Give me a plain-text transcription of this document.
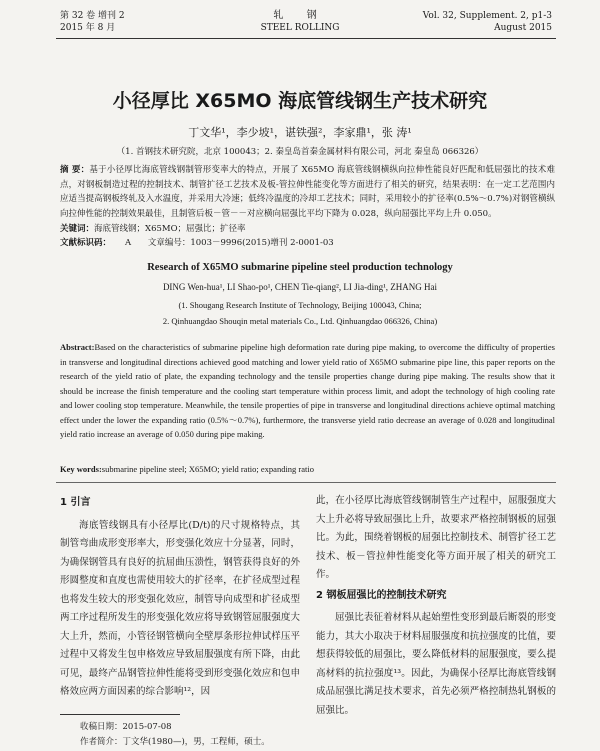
第 32 卷 增刊 2
2015 年 8 月
轧 钢
STEEL ROLLING
Vol. 32, Supplement. 2, p1-3
August 2015
小径厚比 X65MO 海底管线钢生产技术研究
丁文华¹，李少坡¹，谌铁强²，李家鼎¹，张 涛¹
（1. 首钢技术研究院，北京 100043；2. 秦皇岛首秦金属材料有限公司，河北 秦皇岛 066326）
摘 要：基于小径厚比海底管线钢制管形变率大的特点，开展了 X65MO 海底管线钢横纵向拉伸性能良好匹配和低屈强比的技术难点，对钢板制造过程的控制技术、制管扩径工艺技术及板-管拉伸性能变化等方面进行了相关的研究，结果表明：在一定工艺范围内应适当提高钢板终轧及入水温度，并采用大冷速；低终冷温度的冷却工艺技术；同时，采用较小的扩径率(0.5%～0.7%)对钢管横纵向拉伸性能的控制效果最佳，且制管后板－管－－对应横向屈强比平均下降为 0.028，纵向屈强比平均上升 0.050。
关键词：海底管线钢；X65MO；屈强比；扩径率
文献标识码： A 文章编号：1003－9996(2015)增刊 2-0001-03
Research of X65MO submarine pipeline steel production technology
DING Wen-hua¹, LI Shao-po¹, CHEN Tie-qiang², LI Jia-ding¹, ZHANG Hai
(1. Shougang Research Institute of Technology, Beijing 100043, China;
2. Qinhuangdao Shouqin metal materials Co., Ltd. Qinhuangdao 066326, China)
Abstract:Based on the characteristics of submarine pipeline high deformation rate during pipe making, to overcome the difficulty of properties in transverse and longitudinal directions achieved good matching and lower yield ratio of X65MO submarine pipe line, this paper reports on the research of the yield ratio of plate, the expanding technology and the tensile properties change during pipe making. The results show that it should be increase the finish temperature and the cooling start temperature within process limit, and adopt the technology of high cooling rate and lower cooling stop temperature. Meanwhile, the tensile properties of pipe in transverse and longitudinal directions achieve optimal matching effect under the lower the expanding ratio (0.5%～0.7%), furthermore, the transverse yield ratio decrease an average of 0.028 and longitudinal yield ratio increase an average of 0.050 during pipe making.
Key words:submarine pipeline steel; X65MO; yield ratio; expanding ratio
1 引言

海底管线钢具有小径厚比(D/t)的尺寸规格特点，其制管弯曲成形变形率大，形变强化效应十分显著，同时，为确保钢管具有良好的抗屈曲压溃性，钢管获得良好的外形圆整度和直度也需使用较大的扩径率，在扩径成型过程也将发生较大的形变强化效应，制管导向成型和扩径成型两工序过程所发生的形变强化效应将导致钢管屈服强度大大上升，然而，小管径钢管横向全壁厚条形拉伸试样压平过程中又将发生包申格效应导致屈服强度有所下降，由此可见，最终产品钢管拉伸性能将受到形变强化效应和包申格效应两方面因素的综合影响¹²，因

此，在小径厚比海底管线钢制管生产过程中，屈服强度大大上升必将导致屈强比上升，故要求严格控制钢板的屈强比。为此，围绕着钢板的屈强比控制技术、制管扩径工艺技术、板－管拉伸性能变化等方面开展了相关的研究工作。

2 钢板屈强比的控制技术研究

屈强比表征着材料从起始塑性变形到最后断裂的形变能力，其大小取决于材料屈服强度和抗拉强度的比值，要想获得较低的屈强比，要么降低材料的屈服强度，要么提高材料的抗拉强度¹³。因此，为确保小径厚比海底管线钢成品屈强比满足技术要求，首先必须严格控制热轧钢板的屈强比。

收稿日期：2015-07-08
作者简介：丁文华(1980—)，男，工程师，硕士。
